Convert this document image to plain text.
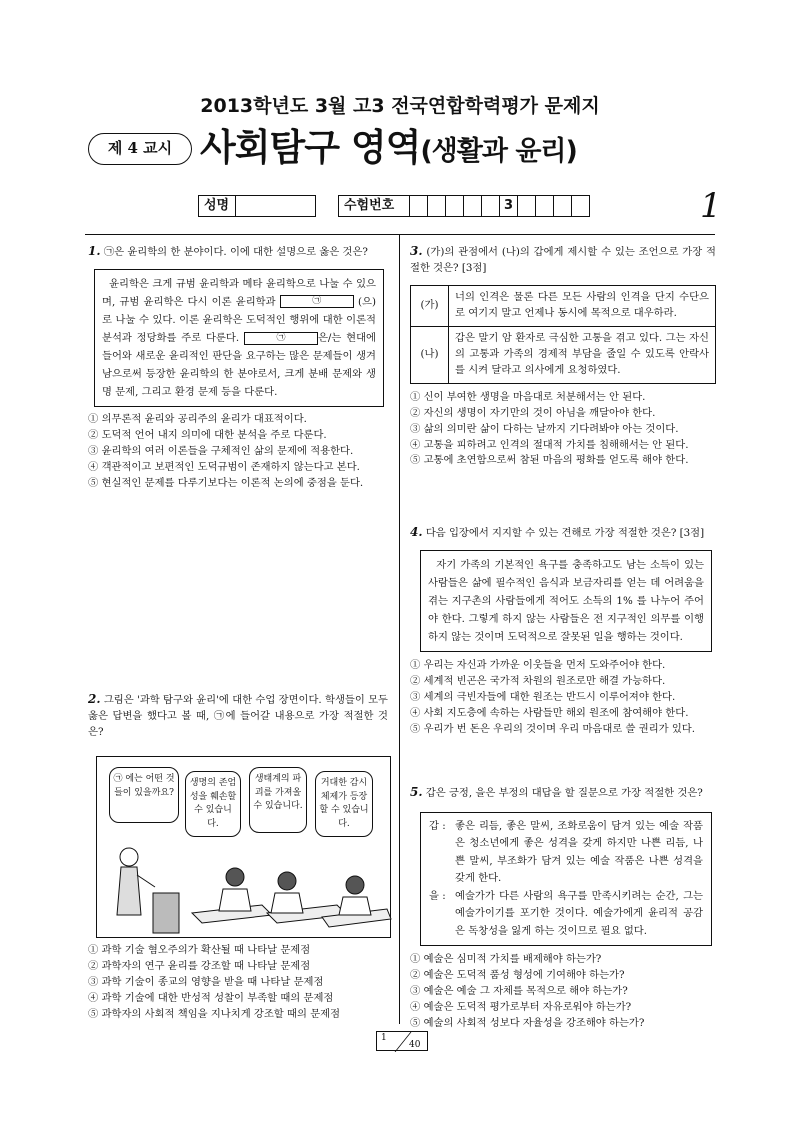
2013학년도 3월 고3 전국연합학력평가 문제지
제 4 교시 사회탐구 영역(생활과 윤리)
성명	수험번호	3	1
1. ㉠은 윤리학의 한 분야이다. 이에 대한 설명으로 옳은 것은?
윤리학은 크게 규범 윤리학과 메타 윤리학으로 나눌 수 있으며, 규범 윤리학은 다시 이론 윤리학과	㉠	(으)로 나눌 수 있다. 이론 윤리학은 도덕적인 행위에 대한 이론적 분석과 정당화를 주로 다룬다.	㉠	은/는 현대에 들어와 새로운 윤리적인 판단을 요구하는 많은 문제들이 생겨남으로써 등장한 윤리학의 한 분야로서, 크게 분배 문제와 생명 문제, 그리고 환경 문제 등을 다룬다.
① 의무론적 윤리와 공리주의 윤리가 대표적이다.
② 도덕적 언어 내지 의미에 대한 분석을 주로 다룬다.
③ 윤리학의 여러 이론들을 구체적인 삶의 문제에 적용한다.
④ 객관적이고 보편적인 도덕규범이 존재하지 않는다고 본다.
⑤ 현실적인 문제를 다루기보다는 이론적 논의에 중점을 둔다.
2. 그림은 '과학 탐구와 윤리'에 대한 수업 장면이다. 학생들이 모두 옳은 답변을 했다고 볼 때, ㉠에 들어갈 내용으로 가장 적절한 것은?
㉠ 에는 어떤 것들이 있을까요?
생명의 존엄성을 훼손할 수 있습니다.
생태계의 파괴를 가져올 수 있습니다.
거대한 감시 체제가 등장할 수 있습니다.
① 과학 기술 혐오주의가 확산될 때 나타날 문제점
② 과학자의 연구 윤리를 강조할 때 나타날 문제점
③ 과학 기술이 종교의 영향을 받을 때 나타날 문제점
④ 과학 기술에 대한 반성적 성찰이 부족할 때의 문제점
⑤ 과학자의 사회적 책임을 지나치게 강조할 때의 문제점
3. (가)의 관점에서 (나)의 갑에게 제시할 수 있는 조언으로 가장 적절한 것은? [3점]
(가)	너의 인격은 물론 다른 모든 사람의 인격을 단지 수단으로 여기지 말고 언제나 동시에 목적으로 대우하라.
(나)	갑은 말기 암 환자로 극심한 고통을 겪고 있다. 그는 자신의 고통과 가족의 경제적 부담을 줄일 수 있도록 안락사를 시켜 달라고 의사에게 요청하였다.
① 신이 부여한 생명을 마음대로 처분해서는 안 된다.
② 자신의 생명이 자기만의 것이 아님을 깨달아야 한다.
③ 삶의 의미란 삶이 다하는 날까지 기다려봐야 아는 것이다.
④ 고통을 피하려고 인격의 절대적 가치를 침해해서는 안 된다.
⑤ 고통에 초연함으로써 참된 마음의 평화를 얻도록 해야 한다.
4. 다음 입장에서 지지할 수 있는 견해로 가장 적절한 것은? [3점]
자기 가족의 기본적인 욕구를 충족하고도 남는 소득이 있는 사람들은 삶에 필수적인 음식과 보금자리를 얻는 데 어려움을 겪는 지구촌의 사람들에게 적어도 소득의 1% 를 나누어 주어야 한다. 그렇게 하지 않는 사람들은 전 지구적인 의무를 이행하지 않는 것이며 도덕적으로 잘못된 일을 행하는 것이다.
① 우리는 자신과 가까운 이웃들을 먼저 도와주어야 한다.
② 세계적 빈곤은 국가적 차원의 원조로만 해결 가능하다.
③ 세계의 극빈자들에 대한 원조는 반드시 이루어져야 한다.
④ 사회 지도층에 속하는 사람들만 해외 원조에 참여해야 한다.
⑤ 우리가 번 돈은 우리의 것이며 우리 마음대로 쓸 권리가 있다.
5. 갑은 긍정, 을은 부정의 대답을 할 질문으로 가장 적절한 것은?
갑 : 좋은 리듬, 좋은 말씨, 조화로움이 담겨 있는 예술 작품은 청소년에게 좋은 성격을 갖게 하지만 나쁜 리듬, 나쁜 말씨, 부조화가 담겨 있는 예술 작품은 나쁜 성격을 갖게 한다.
을 : 예술가가 다른 사람의 욕구를 만족시키려는 순간, 그는 예술가이기를 포기한 것이다. 예술가에게 윤리적 공감은 독창성을 잃게 하는 것이므로 필요 없다.
① 예술은 심미적 가치를 배제해야 하는가?
② 예술은 도덕적 품성 형성에 기여해야 하는가?
③ 예술은 예술 그 자체를 목적으로 해야 하는가?
④ 예술은 도덕적 평가로부터 자유로워야 하는가?
⑤ 예술의 사회적 성보다 자율성을 강조해야 하는가?
1
40
